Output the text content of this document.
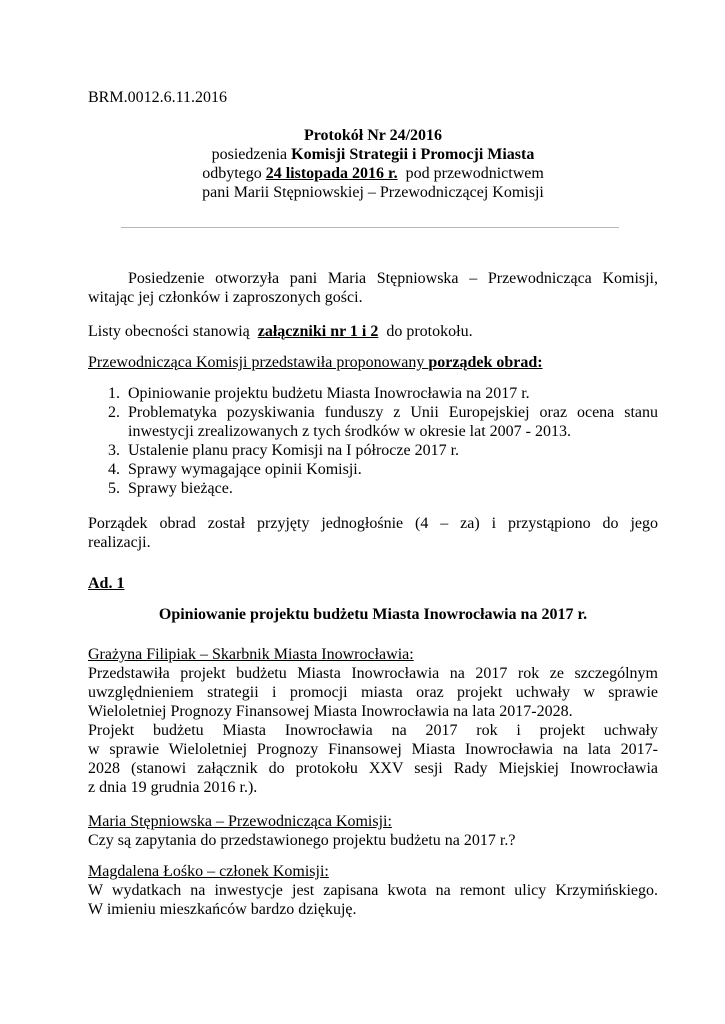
BRM.0012.6.11.2016
Protokół Nr 24/2016
posiedzenia Komisji Strategii i Promocji Miasta
odbytego 24 listopada 2016 r.  pod przewodnictwem
pani Marii Stępniowskiej – Przewodniczącej Komisji
Posiedzenie otworzyła pani Maria Stępniowska – Przewodnicząca Komisji,
witając jej członków i zaproszonych gości.
Listy obecności stanowią  załączniki nr 1 i 2  do protokołu.
Przewodnicząca Komisji przedstawiła proponowany porządek obrad:
1. Opiniowanie projektu budżetu Miasta Inowrocławia na 2017 r.
2. Problematyka pozyskiwania funduszy z Unii Europejskiej oraz ocena stanu
inwestycji zrealizowanych z tych środków w okresie lat 2007 - 2013.
3. Ustalenie planu pracy Komisji na I półrocze 2017 r.
4. Sprawy wymagające opinii Komisji.
5. Sprawy bieżące.
Porządek obrad został przyjęty jednogłośnie (4 – za) i przystąpiono do jego
realizacji.
Ad. 1
Opiniowanie projektu budżetu Miasta Inowrocławia na 2017 r.
Grażyna Filipiak – Skarbnik Miasta Inowrocławia:
Przedstawiła projekt budżetu Miasta Inowrocławia na 2017 rok ze szczególnym
uwzględnieniem strategii i promocji miasta oraz projekt uchwały w sprawie
Wieloletniej Prognozy Finansowej Miasta Inowrocławia na lata 2017-2028.
Projekt budżetu Miasta Inowrocławia na 2017 rok i projekt uchwały
w sprawie Wieloletniej Prognozy Finansowej Miasta Inowrocławia na lata 2017-
2028 (stanowi załącznik do protokołu XXV sesji Rady Miejskiej Inowrocławia
z dnia 19 grudnia 2016 r.).
Maria Stępniowska – Przewodnicząca Komisji:
Czy są zapytania do przedstawionego projektu budżetu na 2017 r.?
Magdalena Łośko – członek Komisji:
W wydatkach na inwestycje jest zapisana kwota na remont ulicy Krzymińskiego.
W imieniu mieszkańców bardzo dziękuję.
